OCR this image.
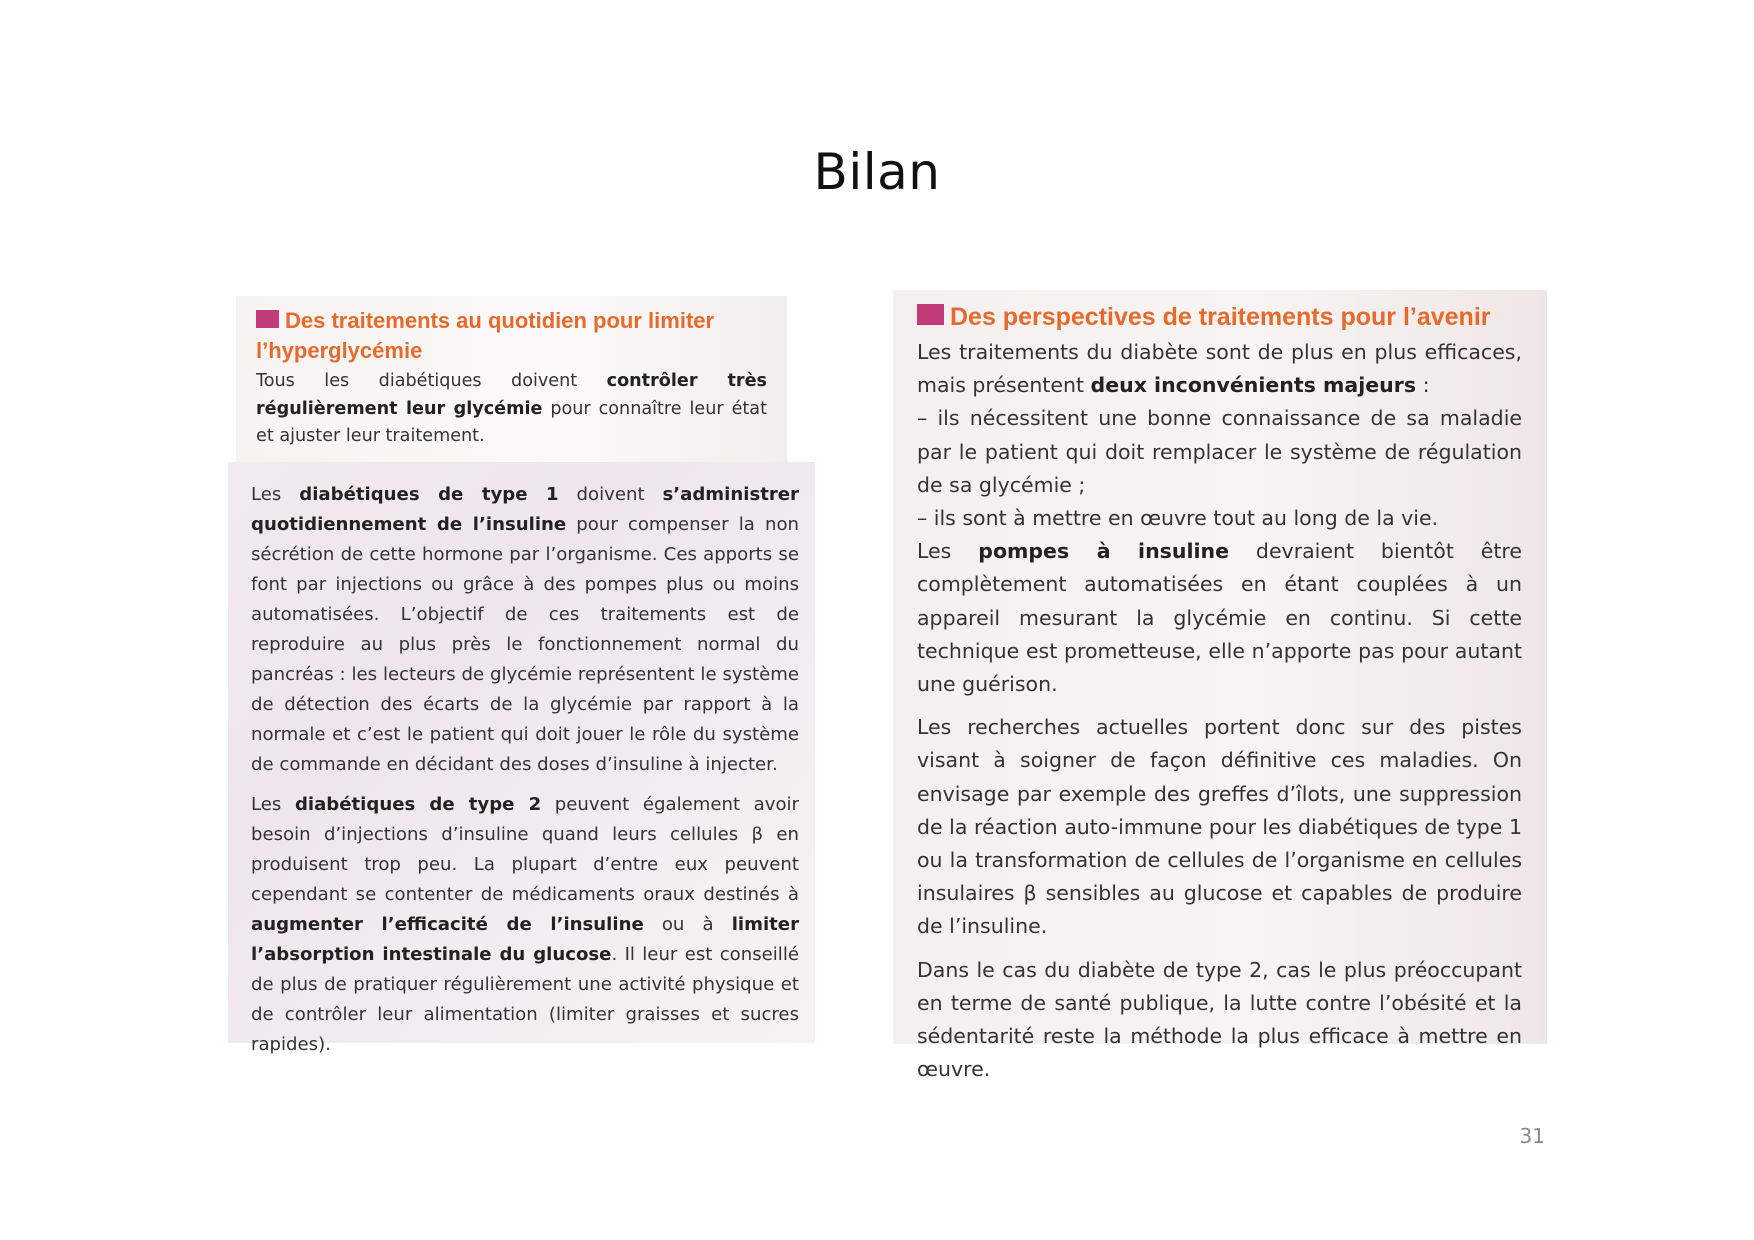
Bilan
Des traitements au quotidien pour limiter l’hyperglycémie

Tous les diabétiques doivent contrôler très régulièrement leur glycémie pour connaître leur état et ajuster leur traitement.

Les diabétiques de type 1 doivent s’administrer quotidiennement de l’insuline pour compenser la non sécrétion de cette hormone par l’organisme. Ces apports se font par injections ou grâce à des pompes plus ou moins automatisées. L’objectif de ces traitements est de reproduire au plus près le fonctionnement normal du pancréas : les lecteurs de glycémie représentent le système de détection des écarts de la glycémie par rapport à la normale et c’est le patient qui doit jouer le rôle du système de commande en décidant des doses d’insuline à injecter.

Les diabétiques de type 2 peuvent également avoir besoin d’injections d’insuline quand leurs cellules β en produisent trop peu. La plupart d’entre eux peuvent cependant se contenter de médicaments oraux destinés à augmenter l’efficacité de l’insuline ou à limiter l’absorption intestinale du glucose. Il leur est conseillé de plus de pratiquer régulièrement une activité physique et de contrôler leur alimentation (limiter graisses et sucres rapides).

Des perspectives de traitements pour l’avenir

Les traitements du diabète sont de plus en plus efficaces, mais présentent deux inconvénients majeurs :

– ils nécessitent une bonne connaissance de sa maladie par le patient qui doit remplacer le système de régulation de sa glycémie ;

– ils sont à mettre en œuvre tout au long de la vie.

Les pompes à insuline devraient bientôt être complètement automatisées en étant couplées à un appareil mesurant la glycémie en continu. Si cette technique est prometteuse, elle n’apporte pas pour autant une guérison.

Les recherches actuelles portent donc sur des pistes visant à soigner de façon définitive ces maladies. On envisage par exemple des greffes d’îlots, une suppression de la réaction auto-immune pour les diabétiques de type 1 ou la transformation de cellules de l’organisme en cellules insulaires β sensibles au glucose et capables de produire de l’insuline.

Dans le cas du diabète de type 2, cas le plus préoccupant en terme de santé publique, la lutte contre l’obésité et la sédentarité reste la méthode la plus efficace à mettre en œuvre.

31
